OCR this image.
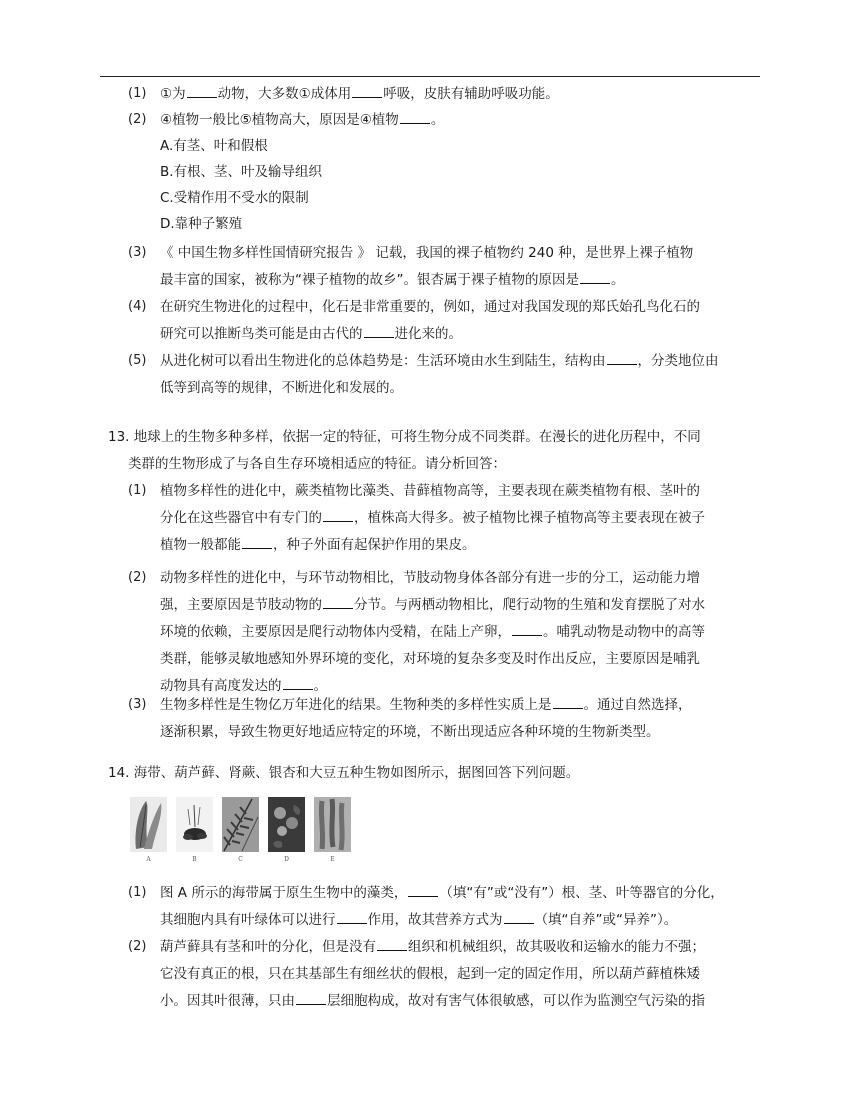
(1) ①为 动物，大多数①成体用 呼吸，皮肤有辅助呼吸功能。
(2) ④植物一般比⑤植物高大，原因是④植物 。
A.有茎、叶和假根
B.有根、茎、叶及输导组织
C.受精作用不受水的限制
D.靠种子繁殖
(3) 《 中国生物多样性国情研究报告 》 记载，我国的裸子植物约 240 种，是世界上裸子植物
最丰富的国家，被称为“裸子植物的故乡”。银杏属于裸子植物的原因是 。
(4) 在研究生物进化的过程中，化石是非常重要的，例如，通过对我国发现的郑氏始孔鸟化石的
研究可以推断鸟类可能是由古代的 进化来的。
(5) 从进化树可以看出生物进化的总体趋势是：生活环境由水生到陆生，结构由 ，分类地位由
低等到高等的规律，不断进化和发展的。
13. 地球上的生物多种多样，依据一定的特征，可将生物分成不同类群。在漫长的进化历程中，不同
类群的生物形成了与各自生存环境相适应的特征。请分析回答：
(1) 植物多样性的进化中，蕨类植物比藻类、昔藓植物高等，主要表现在蕨类植物有根、茎叶的
分化在这些器官中有专门的 ，植株高大得多。被子植物比裸子植物高等主要表现在被子
植物一般都能 ，种子外面有起保护作用的果皮。
(2) 动物多样性的进化中，与环节动物相比，节肢动物身体各部分有进一步的分工，运动能力增
强，主要原因是节肢动物的 分节。与两栖动物相比，爬行动物的生殖和发育摆脱了对水
环境的依赖，主要原因是爬行动物体内受精，在陆上产卵， 。哺乳动物是动物中的高等
类群，能够灵敏地感知外界环境的变化，对环境的复杂多变及时作出反应，主要原因是哺乳
动物具有高度发达的 。
(3) 生物多样性是生物亿万年进化的结果。生物种类的多样性实质上是 。通过自然选择，
逐渐积累，导致生物更好地适应特定的环境，不断出现适应各种环境的生物新类型。
14. 海带、葫芦藓、肾蕨、银杏和大豆五种生物如图所示，据图回答下列问题。
A	B	C	D	E
(1) 图 A 所示的海带属于原生生物中的藻类， （填“有”或“没有”）根、茎、叶等器官的分化，
其细胞内具有叶绿体可以进行 作用，故其营养方式为 （填“自养”或“异养”）。
(2) 葫芦藓具有茎和叶的分化，但是没有 组织和机械组织，故其吸收和运输水的能力不强；
它没有真正的根，只在其基部生有细丝状的假根，起到一定的固定作用，所以葫芦藓植株矮
小。因其叶很薄，只由 层细胞构成，故对有害气体很敏感，可以作为监测空气污染的指
